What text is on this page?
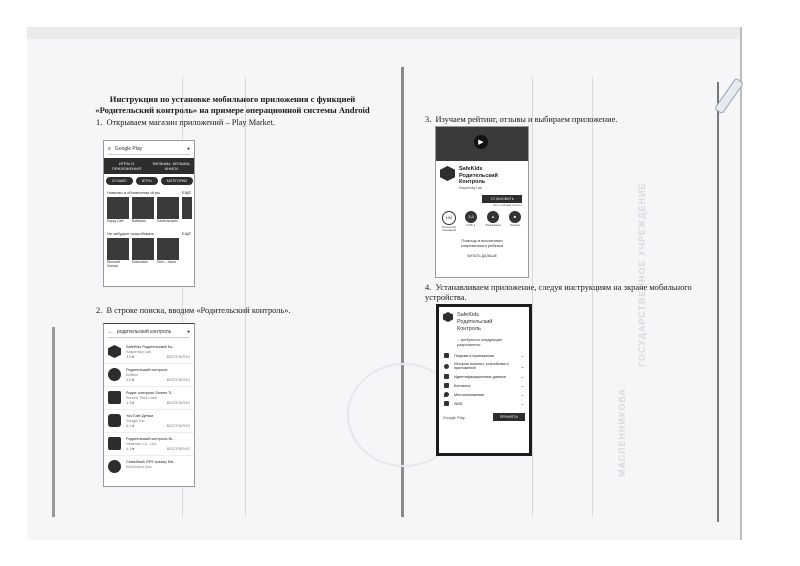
ГОСУДАРСТВЕННОЕ УЧРЕЖДЕНИЕ
МАСЛЕННИКОВА
Инструкция по установке мобильного приложения с функцией
«Родительский контроль» на примере операционной системы Android
1. Открываем магазин приложений – Play Market.
≡ Google Play	●
ИГРЫ И ПРИЛОЖЕНИЯ
ФИЛЬМЫ, МУЗЫКА, КНИГИ
ЛУЧШЕЕ	ИГРЫ	КАТЕГОРИИ
Новинки и обновления Игры	ЕЩЁ
Happy Cafe	Battlejack	Gardenscapes
Не забудьте попробовать	ЕЩЁ
Microsoft Outlook
Kinemaster	Uber – Заказ
2. В строке поиска, вводим «Родительский контроль».
← родительский контроль	●
SafeKids Родительский Ко...
Kaspersky Lab
3,9★	БЕСПЛАТНО
Родительский контроль
Kidslox
4,0★	БЕСПЛАТНО
Родит. контроль Screen Ti...
Screen Time Labs
4,3★	БЕСПЛАТНО
YouTube Детям
Google Inc.
4,1★	БЕСПЛАТНО
Родительский контроль Ni...
Nintendo Co., Ltd.
4,1★	БЕСПЛАТНО
Семейный GPS трекер Kid...
KidControl Dev.
3. Изучаем рейтинг, отзывы и выбираем приложение.
▶
SafeKids Родительский Контроль
Kaspersky Lab
УСТАНОВИТЬ
Есть платный контент
100
Количество скачиваний
3,8
6 096 ★
▲
Образование
■
Похожие
Помощь в воспитании современного ребенка
ЧИТАТЬ ДАЛЬШЕ
4. Устанавливаем приложение, следуя инструкциям на экране мобильного устройства.
SafeKids Родительский Контроль
– требуются следующие разрешения:
Покупки в приложении	⌄
История использ. устройства и приложений	⌄
Идентификационные данные	⌄
Контакты	⌄
Местоположение	⌄
SMS	⌄
Google Play	ПРИНЯТЬ
